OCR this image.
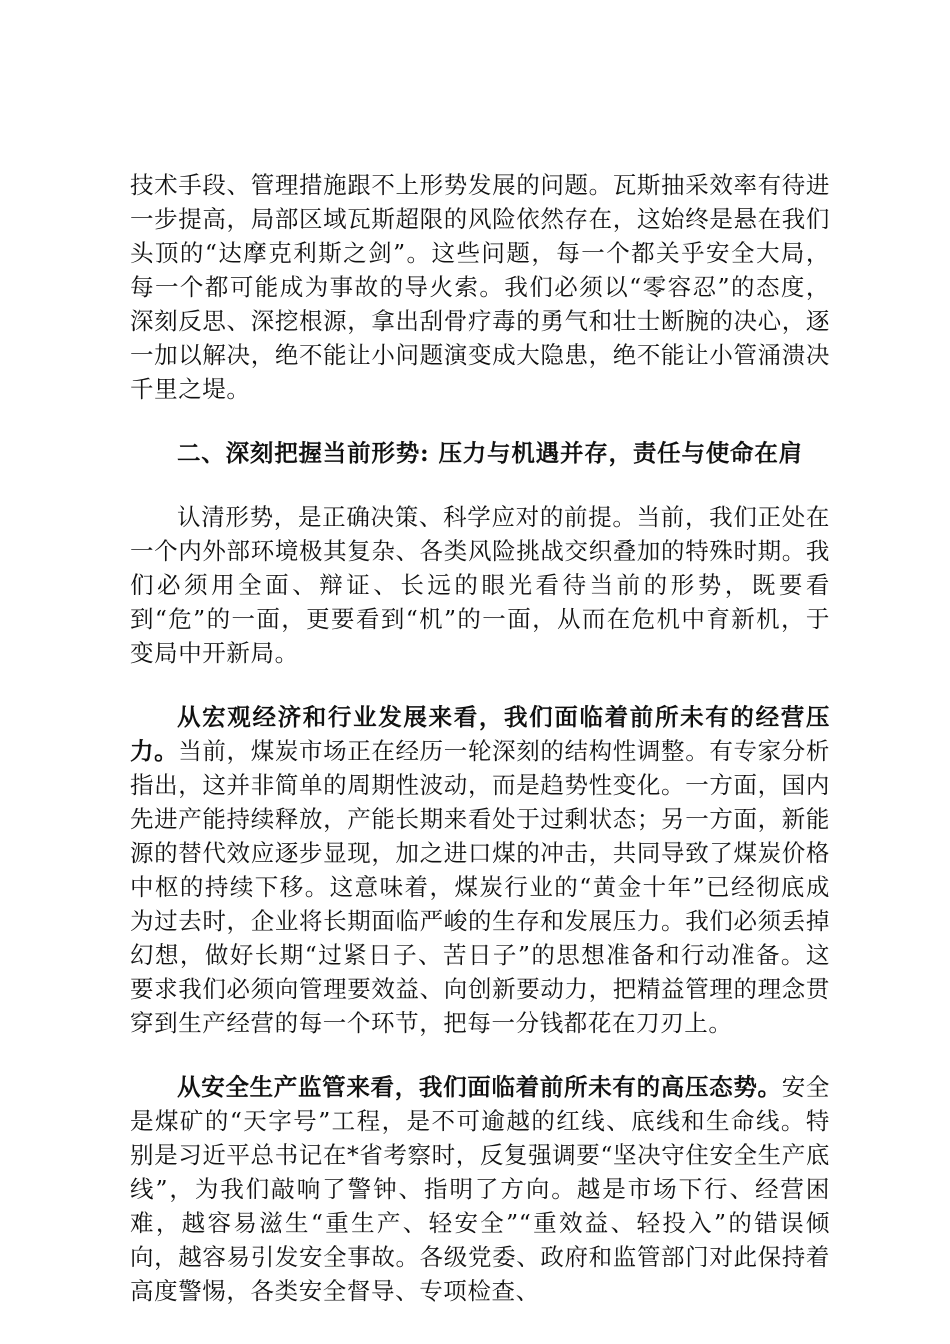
技术手段、管理措施跟不上形势发展的问题。瓦斯抽采效率有待进一步提高，局部区域瓦斯超限的风险依然存在，这始终是悬在我们头顶的“达摩克利斯之剑”。这些问题，每一个都关乎安全大局，每一个都可能成为事故的导火索。我们必须以“零容忍”的态度，深刻反思、深挖根源，拿出刮骨疗毒的勇气和壮士断腕的决心，逐一加以解决，绝不能让小问题演变成大隐患，绝不能让小管涌溃决千里之堤。

二、深刻把握当前形势: 压力与机遇并存，责任与使命在肩

认清形势，是正确决策、科学应对的前提。当前，我们正处在一个内外部环境极其复杂、各类风险挑战交织叠加的特殊时期。我们必须用全面、辩证、长远的眼光看待当前的形势，既要看到“危”的一面，更要看到“机”的一面，从而在危机中育新机，于变局中开新局。

从宏观经济和行业发展来看，我们面临着前所未有的经营压力。当前，煤炭市场正在经历一轮深刻的结构性调整。有专家分析指出，这并非简单的周期性波动，而是趋势性变化。一方面，国内先进产能持续释放，产能长期来看处于过剩状态；另一方面，新能源的替代效应逐步显现，加之进口煤的冲击，共同导致了煤炭价格中枢的持续下移。这意味着，煤炭行业的“黄金十年”已经彻底成为过去时，企业将长期面临严峻的生存和发展压力。我们必须丢掉幻想，做好长期“过紧日子、苦日子”的思想准备和行动准备。这要求我们必须向管理要效益、向创新要动力，把精益管理的理念贯穿到生产经营的每一个环节，把每一分钱都花在刀刃上。

从安全生产监管来看，我们面临着前所未有的高压态势。安全是煤矿的“天字号”工程，是不可逾越的红线、底线和生命线。特别是习近平总书记在*省考察时，反复强调要“坚决守住安全生产底线”，为我们敲响了警钟、指明了方向。越是市场下行、经营困难，越容易滋生“重生产、轻安全”“重效益、轻投入”的错误倾向，越容易引发安全事故。各级党委、政府和监管部门对此保持着高度警惕，各类安全督导、专项检查、
